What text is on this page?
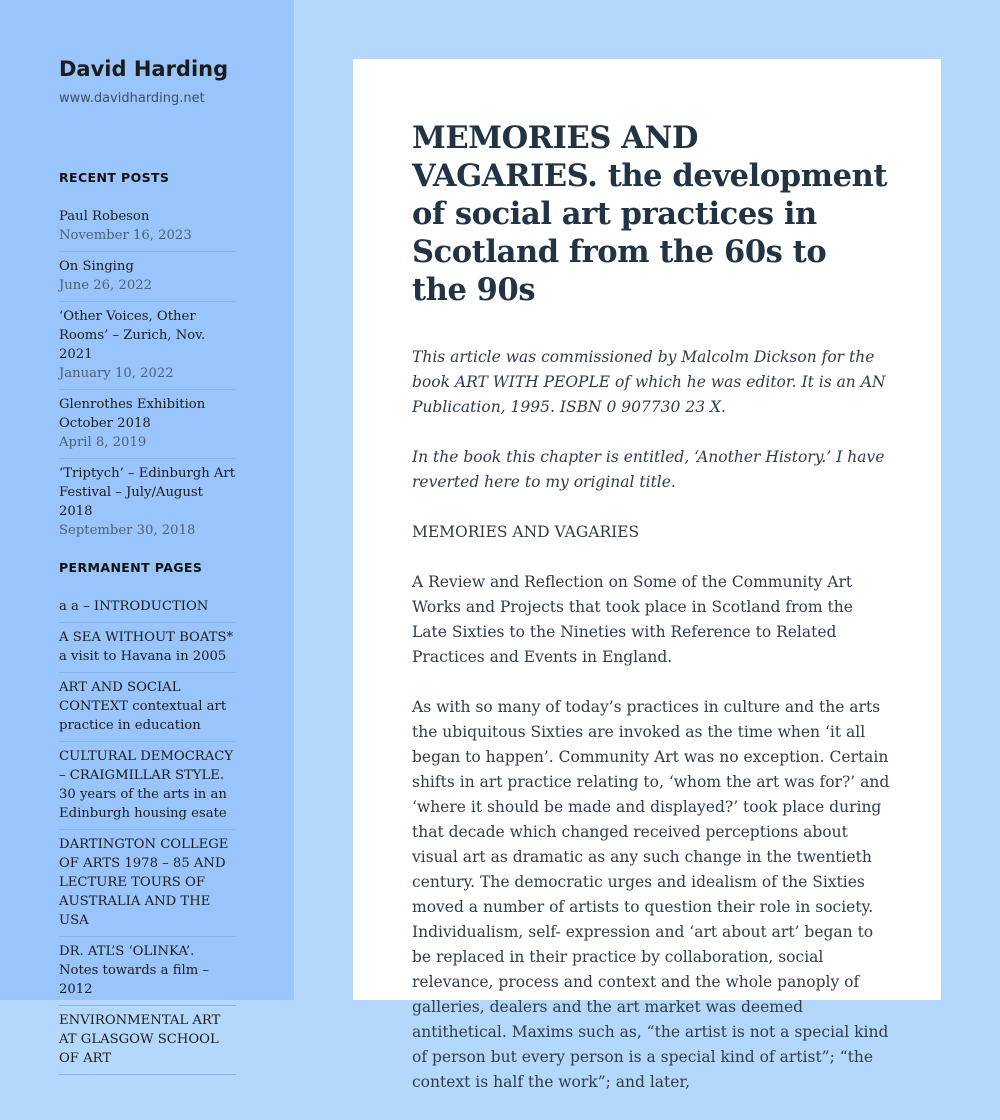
David Harding
www.davidharding.net
RECENT POSTS
Paul Robeson
November 16, 2023
On Singing
June 26, 2022
‘Other Voices, Other Rooms’ – Zurich, Nov. 2021
January 10, 2022
Glenrothes Exhibition October 2018
April 8, 2019
‘Triptych’ – Edinburgh Art Festival – July/August 2018
September 30, 2018
PERMANENT PAGES
a a – INTRODUCTION
A SEA WITHOUT BOATS* a visit to Havana in 2005
ART AND SOCIAL CONTEXT contextual art practice in education
CULTURAL DEMOCRACY – CRAIGMILLAR STYLE. 30 years of the arts in an Edinburgh housing esate
DARTINGTON COLLEGE OF ARTS 1978 – 85 AND LECTURE TOURS OF AUSTRALIA AND THE USA
DR. ATL’S ‘OLINKA’. Notes towards a film – 2012
ENVIRONMENTAL ART AT GLASGOW SCHOOL OF ART
MEMORIES AND VAGARIES. the development of social art practices in Scotland from the 60s to the 90s

This article was commissioned by Malcolm Dickson for the book ART WITH PEOPLE of which he was editor. It is an AN Publication, 1995. ISBN 0 907730 23 X.

In the book this chapter is entitled, ‘Another History.’ I have reverted here to my original title.

MEMORIES AND VAGARIES

A Review and Reflection on Some of the Community Art Works and Projects that took place in Scotland from the Late Sixties to the Nineties with Reference to Related Practices and Events in England.

As with so many of today’s practices in culture and the arts the ubiquitous Sixties are invoked as the time when ‘it all began to happen’. Community Art was no exception. Certain shifts in art practice relating to, ‘whom the art was for?’ and ‘where it should be made and displayed?’ took place during that decade which changed received perceptions about visual art as dramatic as any such change in the twentieth century. The democratic urges and idealism of the Sixties moved a number of artists to question their role in society. Individualism, self- expression and ‘art about art’ began to be replaced in their practice by collaboration, social relevance, process and context and the whole panoply of galleries, dealers and the art market was deemed antithetical. Maxims such as, “the artist is not a special kind of person but every person is a special kind of artist”; “the context is half the work”; and later,
